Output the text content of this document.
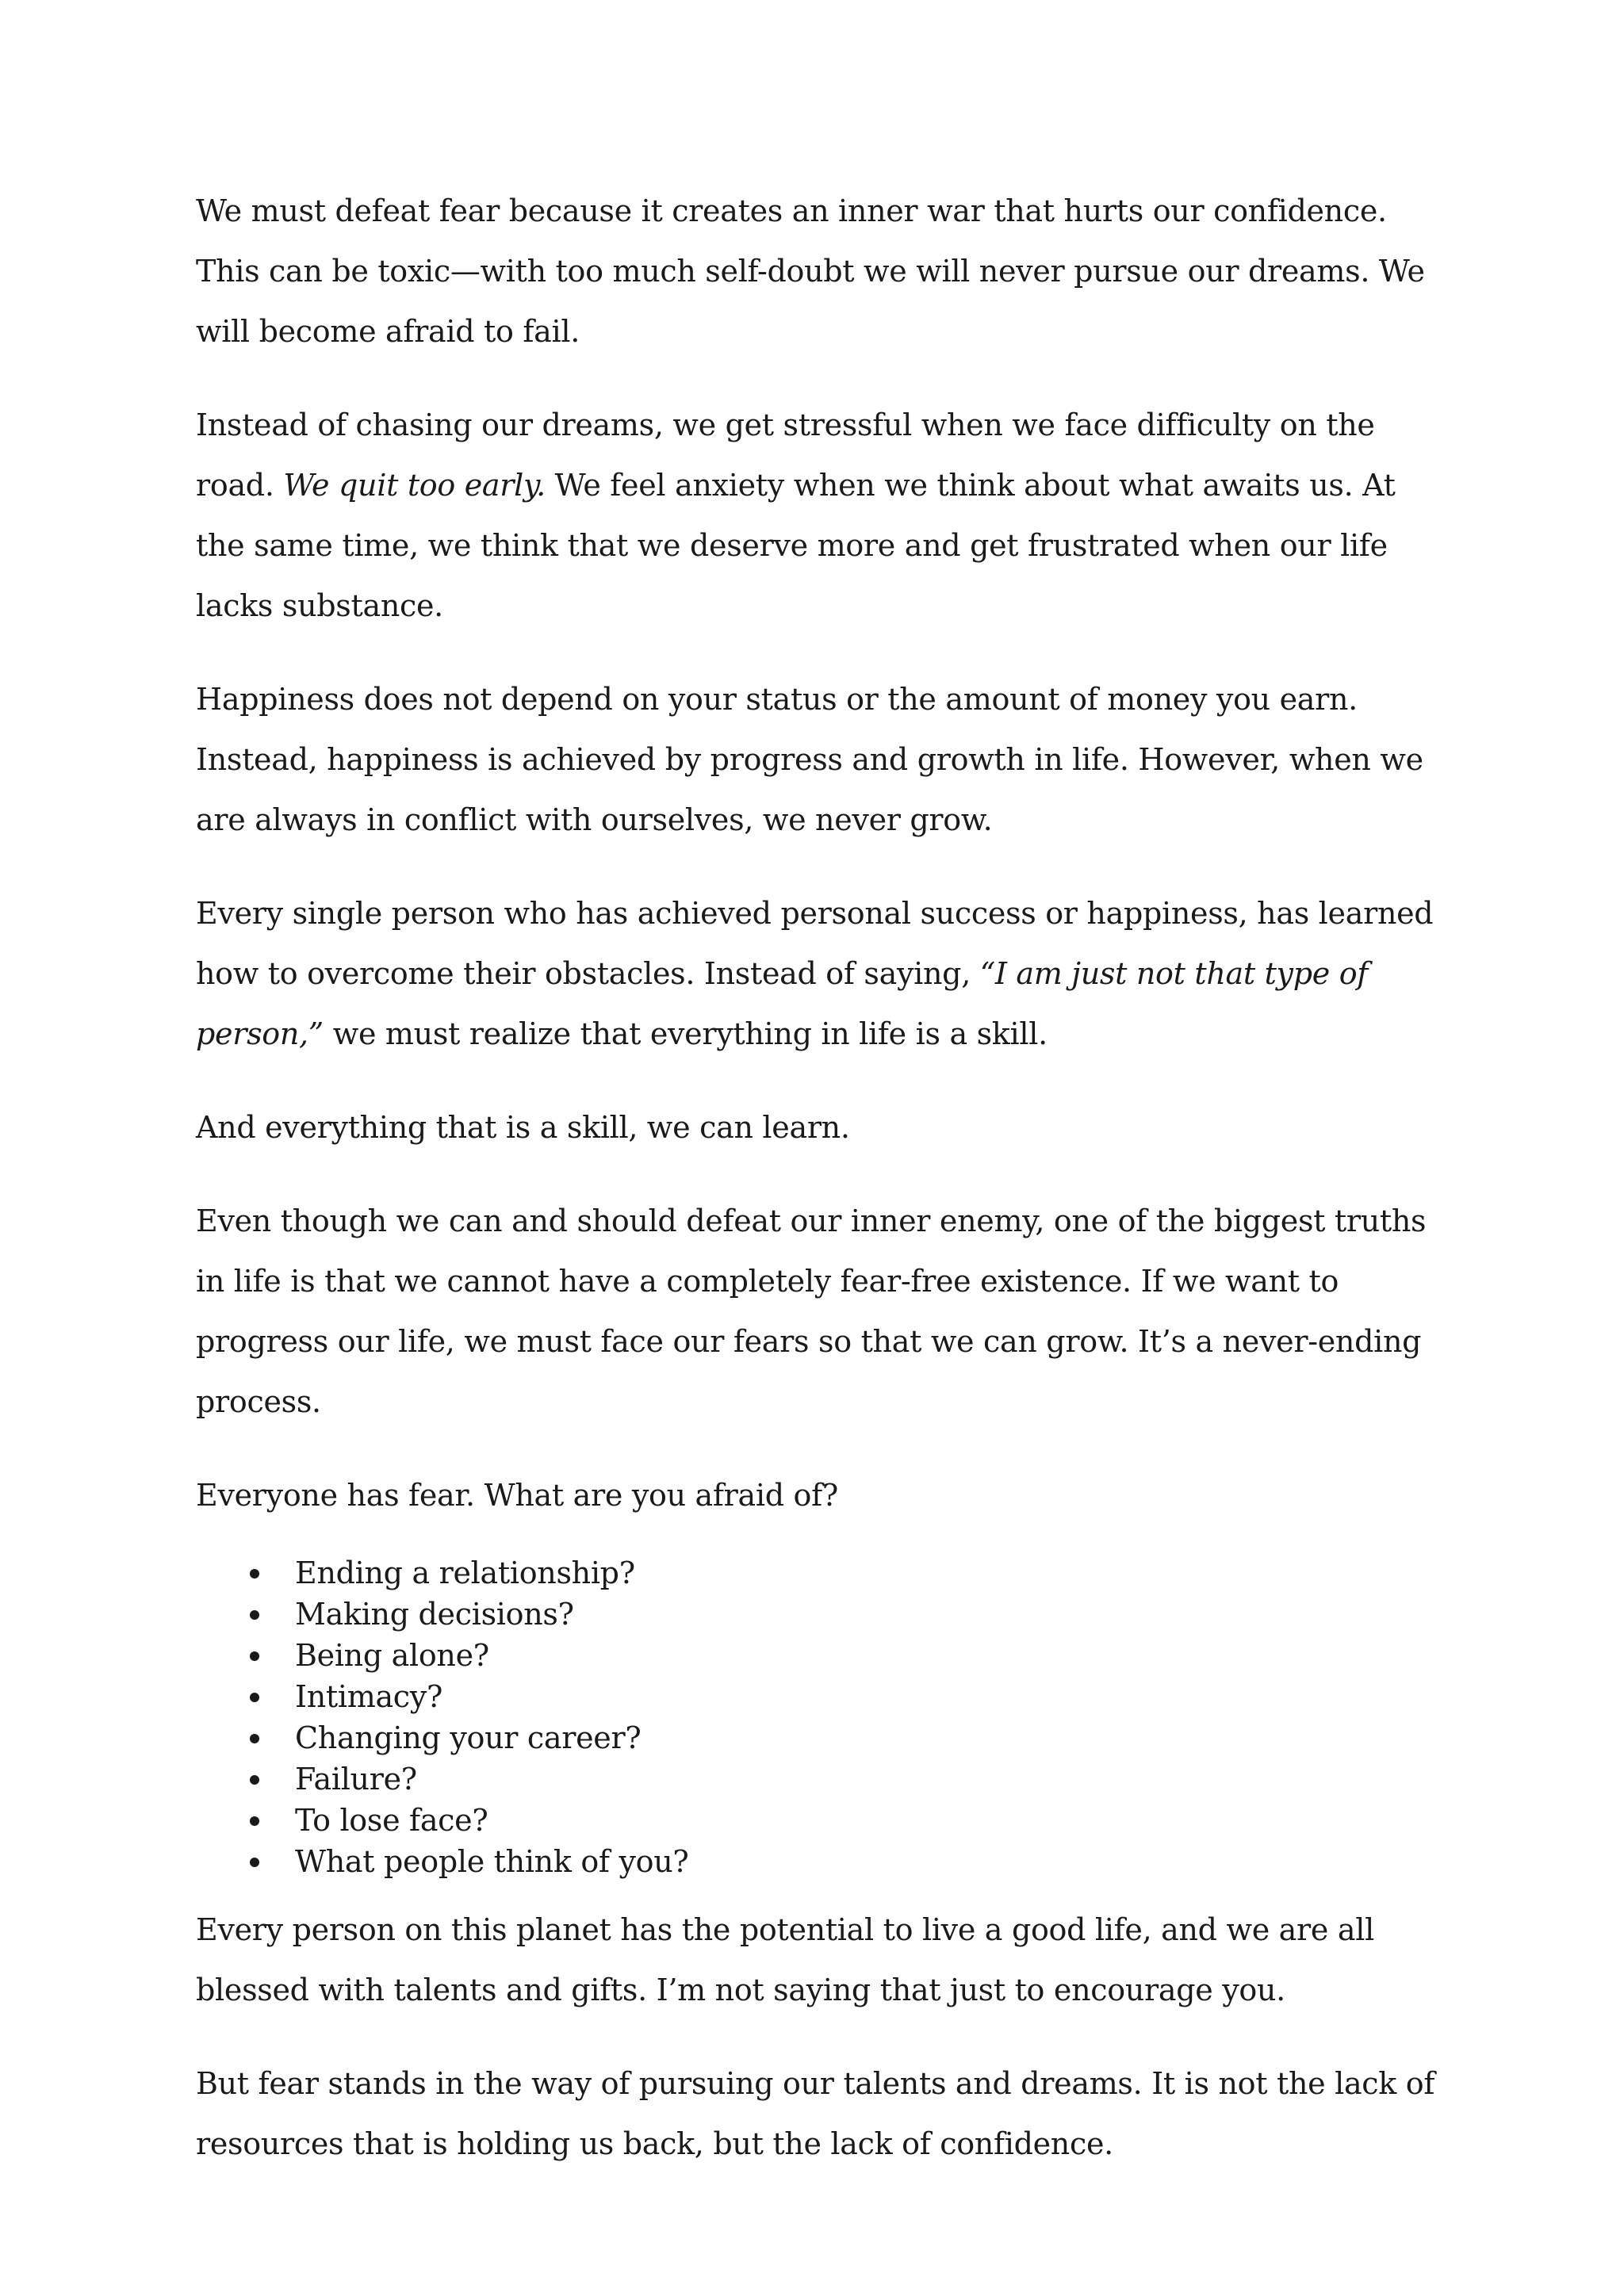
We must defeat fear because it creates an inner war that hurts our confidence. This can be toxic—with too much self-doubt we will never pursue our dreams. We will become afraid to fail.

Instead of chasing our dreams, we get stressful when we face difficulty on the road. We quit too early. We feel anxiety when we think about what awaits us. At the same time, we think that we deserve more and get frustrated when our life lacks substance.

Happiness does not depend on your status or the amount of money you earn. Instead, happiness is achieved by progress and growth in life. However, when we are always in conflict with ourselves, we never grow.

Every single person who has achieved personal success or happiness, has learned how to overcome their obstacles. Instead of saying, “I am just not that type of person,” we must realize that everything in life is a skill.

And everything that is a skill, we can learn.

Even though we can and should defeat our inner enemy, one of the biggest truths in life is that we cannot have a completely fear-free existence. If we want to progress our life, we must face our fears so that we can grow. It’s a never-ending process.

Everyone has fear. What are you afraid of?

Ending a relationship?
Making decisions?
Being alone?
Intimacy?
Changing your career?
Failure?
To lose face?
What people think of you?

Every person on this planet has the potential to live a good life, and we are all blessed with talents and gifts. I’m not saying that just to encourage you.

But fear stands in the way of pursuing our talents and dreams. It is not the lack of resources that is holding us back, but the lack of confidence.
